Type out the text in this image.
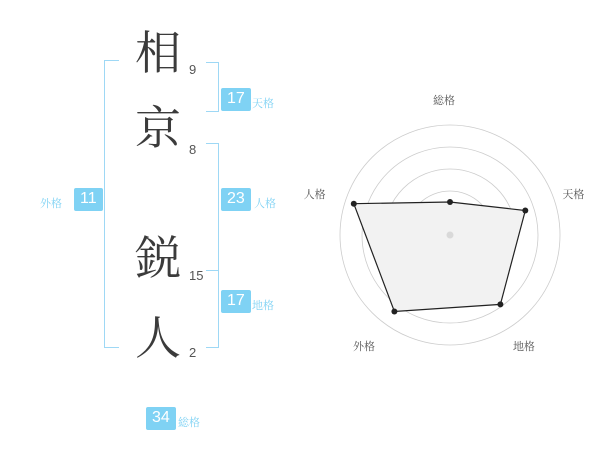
相
京
鋭
人
9
8
15
2
17 天格
23 人格
17 地格
11
外格
34 総格
総格
天格
地格
外格
人格
